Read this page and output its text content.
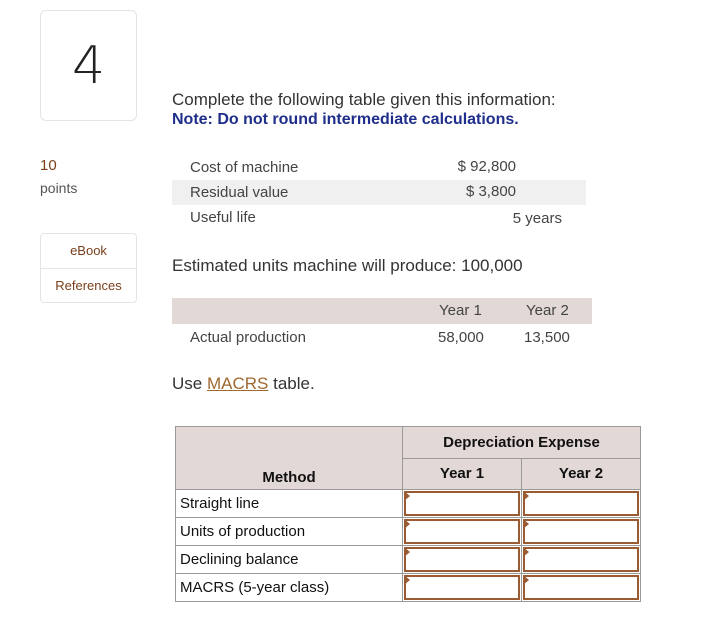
4
10
points
eBook
References
Complete the following table given this information:
Note: Do not round intermediate calculations.
Cost of machine	$ 92,800
Residual value	$ 3,800
Useful life	5 years
Estimated units machine will produce: 100,000
Year 1	Year 2
Actual production	58,000	13,500
Use MACRS table.
Method	Depreciation Expense	
	Year 1	Year 2
Straight line	

Units of production	

Declining balance	

MACRS (5-year class)	
